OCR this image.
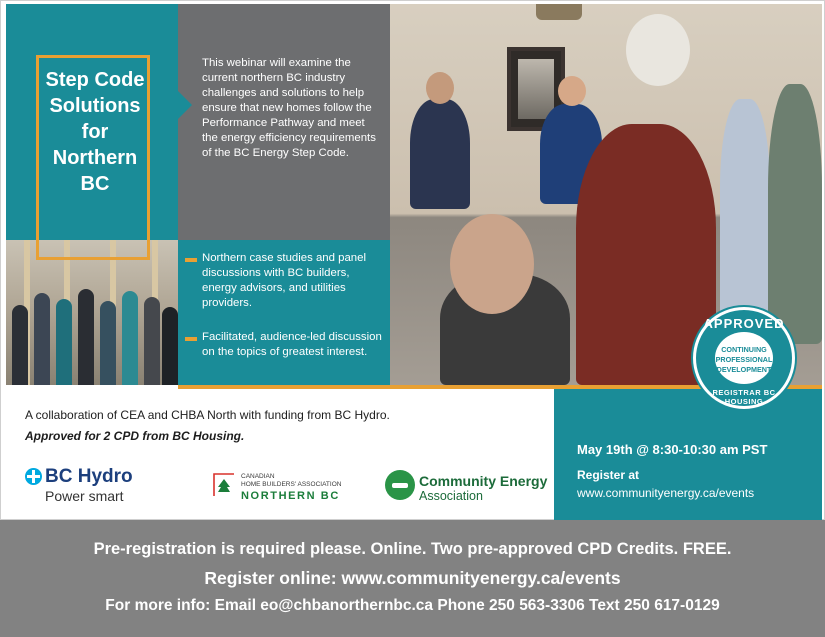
Step Code
Solutions
for
Northern
BC
This webinar will examine the current northern BC industry challenges and solutions to help ensure that new homes follow the Performance Pathway and meet the energy efficiency requirements of the BC Energy Step Code.
Northern case studies and panel discussions with BC builders, energy advisors, and utilities providers.
Facilitated, audience-led discussion on the topics of greatest interest.
APPROVED
CONTINUING
PROFESSIONAL
DEVELOPMENT
REGISTRAR BC HOUSING
A collaboration of CEA and CHBA North with funding from BC Hydro.
Approved for 2 CPD from BC Housing.
BC Hydro
Power smart
CANADIAN
HOME BUILDERS' ASSOCIATION
NORTHERN BC
Community Energy
Association
May 19th @ 8:30-10:30 am PST
Register at
www.communityenergy.ca/events
Pre-registration is required please. Online. Two pre-approved CPD Credits. FREE.
Register online: www.communityenergy.ca/events
For more info: Email eo@chbanorthernbc.ca Phone 250 563-3306 Text 250 617-0129
